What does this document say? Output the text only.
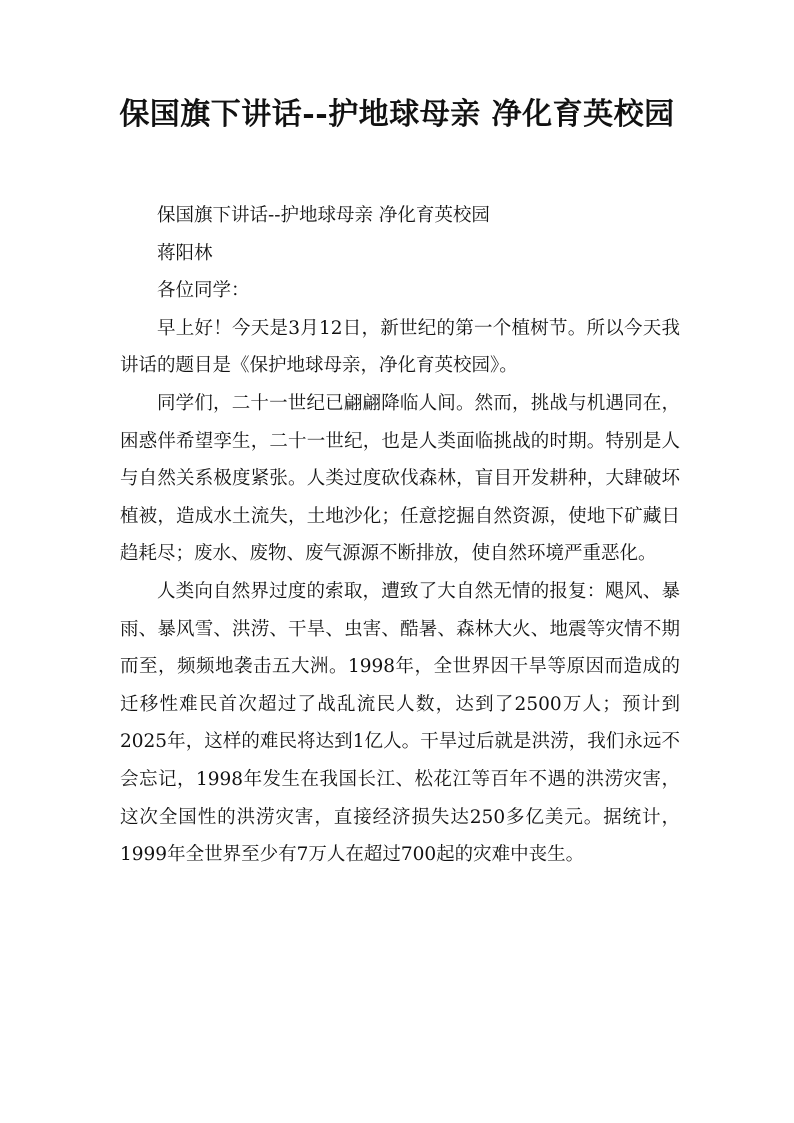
保国旗下讲话--护地球母亲 净化育英校园

保国旗下讲话--护地球母亲 净化育英校园

蒋阳林

各位同学：

早上好！今天是3月12日，新世纪的第一个植树节。所以今天我讲话的题目是《保护地球母亲，净化育英校园》。

同学们，二十一世纪已翩翩降临人间。然而，挑战与机遇同在，困惑伴希望孪生，二十一世纪，也是人类面临挑战的时期。特别是人与自然关系极度紧张。人类过度砍伐森林，盲目开发耕种，大肆破坏植被，造成水土流失，土地沙化；任意挖掘自然资源，使地下矿藏日趋耗尽；废水、废物、废气源源不断排放，使自然环境严重恶化。

人类向自然界过度的索取，遭致了大自然无情的报复：飓风、暴雨、暴风雪、洪涝、干旱、虫害、酷暑、森林大火、地震等灾情不期而至，频频地袭击五大洲。1998年，全世界因干旱等原因而造成的迁移性难民首次超过了战乱流民人数，达到了2500万人；预计到2025年，这样的难民将达到1亿人。干旱过后就是洪涝，我们永远不会忘记，1998年发生在我国长江、松花江等百年不遇的洪涝灾害，这次全国性的洪涝灾害，直接经济损失达250多亿美元。据统计，1999年全世界至少有7万人在超过700起的灾难中丧生。
